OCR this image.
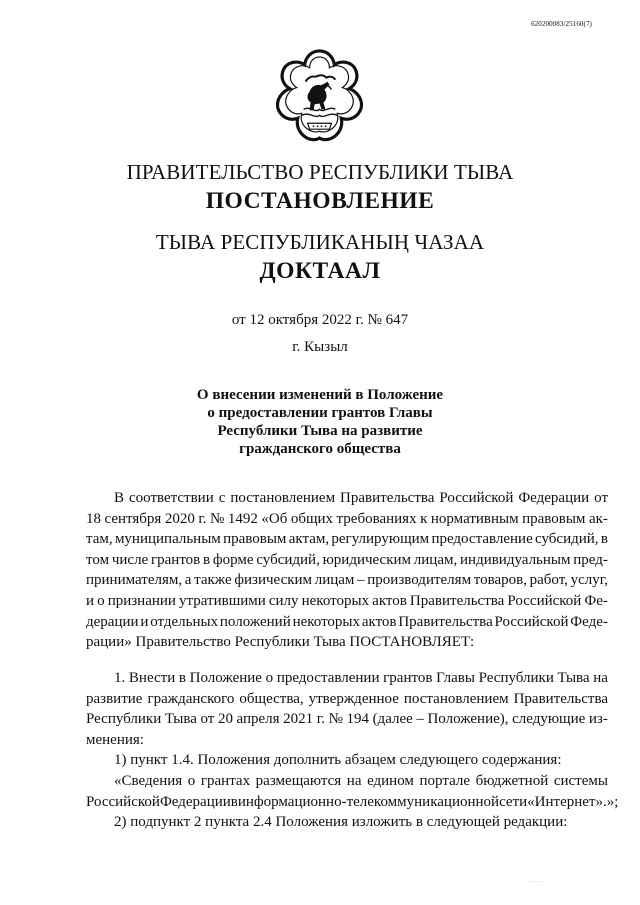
620200083/25160(7)
ПРАВИТЕЛЬСТВО РЕСПУБЛИКИ ТЫВА
ПОСТАНОВЛЕНИЕ
ТЫВА РЕСПУБЛИКАНЫҢ ЧАЗАА
ДОКТААЛ
от 12 октября 2022 г. № 647
г. Кызыл
О внесении изменений в Положение
о предоставлении грантов Главы
Республики Тыва на развитие
гражданского общества
В соответствии с постановлением Правительства Российской Федерации от
18 сентября 2020 г. № 1492 «Об общих требованиях к нормативным правовым ак-
там, муниципальным правовым актам, регулирующим предоставление субсидий, в
том числе грантов в форме субсидий, юридическим лицам, индивидуальным пред-
принимателям, а также физическим лицам – производителям товаров, работ, услуг,
и о признании утратившими силу некоторых актов Правительства Российской Фе-
дерации и отдельных положений некоторых актов Правительства Российской Феде-
рации» Правительство Республики Тыва ПОСТАНОВЛЯЕТ:
1. Внести в Положение о предоставлении грантов Главы Республики Тыва на
развитие гражданского общества, утвержденное постановлением Правительства
Республики Тыва от 20 апреля 2021 г. № 194 (далее – Положение), следующие из-
менения:
1) пункт 1.4. Положения дополнить абзацем следующего содержания:
«Сведения о грантах размещаются на едином портале бюджетной системы
Российской Федерации в информационно-телекоммуникационной сети «Интернет».»;
2) подпункт 2 пункта 2.4 Положения изложить в следующей редакции:
······ ·
